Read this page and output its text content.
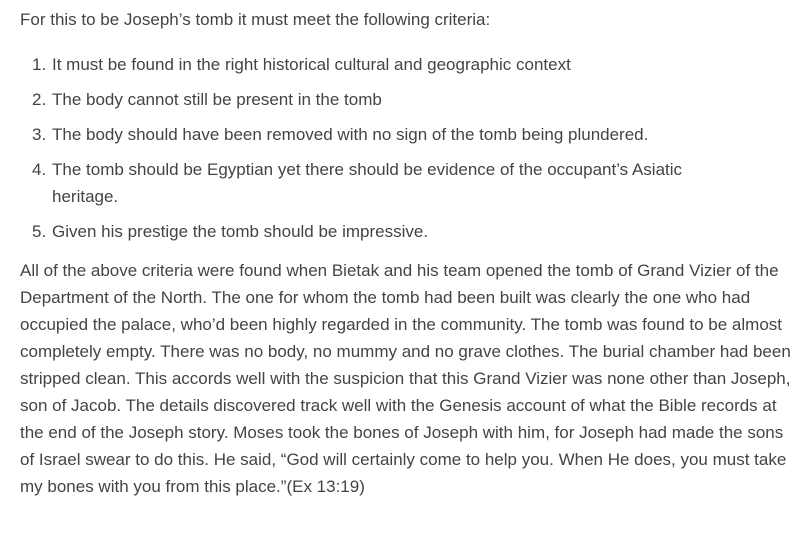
For this to be Joseph’s tomb it must meet the following criteria:

1. It must be found in the right historical cultural and geographic context
2. The body cannot still be present in the tomb
3. The body should have been removed with no sign of the tomb being plundered.
4. The tomb should be Egyptian yet there should be evidence of the occupant’s Asiatic heritage.
5. Given his prestige the tomb should be impressive.

All of the above criteria were found when Bietak and his team opened the tomb of Grand Vizier of the Department of the North. The one for whom the tomb had been built was clearly the one who had occupied the palace, who’d been highly regarded in the community. The tomb was found to be almost completely empty. There was no body, no mummy and no grave clothes. The burial chamber had been stripped clean. This accords well with the suspicion that this Grand Vizier was none other than Joseph, son of Jacob. The details discovered track well with the Genesis account of what the Bible records at the end of the Joseph story. Moses took the bones of Joseph with him, for Joseph had made the sons of Israel swear to do this. He said, “God will certainly come to help you. When He does, you must take my bones with you from this place.”(Ex 13:19)
